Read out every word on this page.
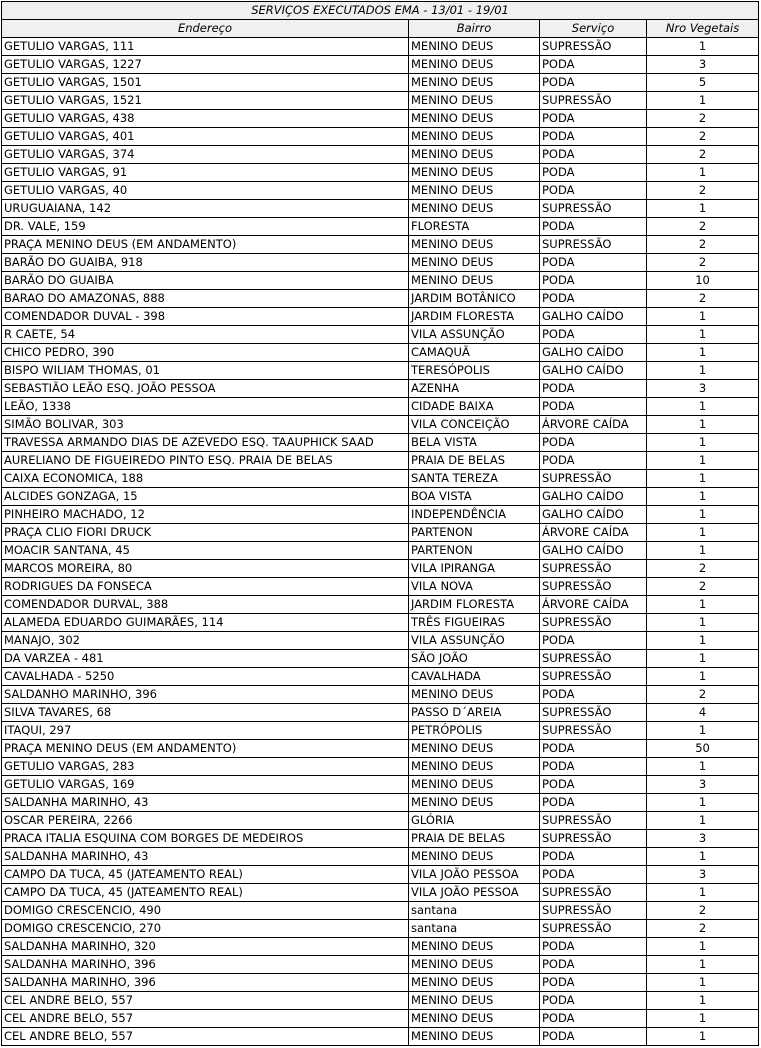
SERVIÇOS EXECUTADOS EMA - 13/01 - 19/01			
Endereço	Bairro	Serviço	Nro Vegetais
GETULIO VARGAS, 111	MENINO DEUS	SUPRESSÃO	1
GETULIO VARGAS, 1227	MENINO DEUS	PODA	3
GETULIO VARGAS, 1501	MENINO DEUS	PODA	5
GETULIO VARGAS, 1521	MENINO DEUS	SUPRESSÃO	1
GETULIO VARGAS, 438	MENINO DEUS	PODA	2
GETULIO VARGAS, 401	MENINO DEUS	PODA	2
GETULIO VARGAS, 374	MENINO DEUS	PODA	2
GETULIO VARGAS, 91	MENINO DEUS	PODA	1
GETULIO VARGAS, 40	MENINO DEUS	PODA	2
URUGUAIANA, 142	MENINO DEUS	SUPRESSÃO	1
DR. VALE, 159	FLORESTA	PODA	2
PRAÇA MENINO DEUS (EM ANDAMENTO)	MENINO DEUS	SUPRESSÃO	2
BARÃO DO GUAIBA, 918	MENINO DEUS	PODA	2
BARÃO DO GUAIBA	MENINO DEUS	PODA	10
BARAO DO AMAZONAS, 888	JARDIM BOTÂNICO	PODA	2
COMENDADOR DUVAL - 398	JARDIM FLORESTA	GALHO CAÍDO	1
R CAETE, 54	VILA ASSUNÇÃO	PODA	1
CHICO PEDRO, 390	CAMAQUÃ	GALHO CAÍDO	1
BISPO WILIAM THOMAS, 01	TERESÓPOLIS	GALHO CAÍDO	1
SEBASTIÃO LEÃO ESQ. JOÃO PESSOA	AZENHA	PODA	3
LEÃO, 1338	CIDADE BAIXA	PODA	1
SIMÃO BOLIVAR, 303	VILA CONCEIÇÃO	ÁRVORE CAÍDA	1
TRAVESSA ARMANDO DIAS DE AZEVEDO ESQ. TAAUPHICK SAAD	BELA VISTA	PODA	1
AURELIANO DE FIGUEIREDO PINTO ESQ. PRAIA DE BELAS	PRAIA DE BELAS	PODA	1
CAIXA ECONOMICA, 188	SANTA TEREZA	SUPRESSÃO	1
ALCIDES GONZAGA, 15	BOA VISTA	GALHO CAÍDO	1
PINHEIRO MACHADO, 12	INDEPENDÊNCIA	GALHO CAÍDO	1
PRAÇA CLIO FIORI DRUCK	PARTENON	ÁRVORE CAÍDA	1
MOACIR SANTANA, 45	PARTENON	GALHO CAÍDO	1
MARCOS MOREIRA, 80	VILA IPIRANGA	SUPRESSÃO	2
RODRIGUES DA FONSECA	VILA NOVA	SUPRESSÃO	2
COMENDADOR DURVAL, 388	JARDIM FLORESTA	ÁRVORE CAÍDA	1
ALAMEDA EDUARDO GUIMARÃES, 114	TRÊS FIGUEIRAS	SUPRESSÃO	1
MANAJO, 302	VILA ASSUNÇÃO	PODA	1
DA VARZEA - 481	SÃO JOÃO	SUPRESSÃO	1
CAVALHADA - 5250	CAVALHADA	SUPRESSÃO	1
SALDANHO MARINHO, 396	MENINO DEUS	PODA	2
SILVA TAVARES, 68	PASSO D´AREIA	SUPRESSÃO	4
ITAQUI, 297	PETRÓPOLIS	SUPRESSÃO	1
PRAÇA MENINO DEUS (EM ANDAMENTO)	MENINO DEUS	PODA	50
GETULIO VARGAS, 283	MENINO DEUS	PODA	1
GETULIO VARGAS, 169	MENINO DEUS	PODA	3
SALDANHA MARINHO, 43	MENINO DEUS	PODA	1
OSCAR PEREIRA, 2266	GLÓRIA	SUPRESSÃO	1
PRACA ITALIA ESQUINA COM BORGES DE MEDEIROS	PRAIA DE BELAS	SUPRESSÃO	3
SALDANHA MARINHO, 43	MENINO DEUS	PODA	1
CAMPO DA TUCA, 45 (JATEAMENTO REAL)	VILA JOÃO PESSOA	PODA	3
CAMPO DA TUCA, 45 (JATEAMENTO REAL)	VILA JOÃO PESSOA	SUPRESSÃO	1
DOMIGO CRESCENCIO, 490	santana	SUPRESSÃO	2
DOMIGO CRESCENCIO, 270	santana	SUPRESSÃO	2
SALDANHA MARINHO, 320	MENINO DEUS	PODA	1
SALDANHA MARINHO, 396	MENINO DEUS	PODA	1
SALDANHA MARINHO, 396	MENINO DEUS	PODA	1
CEL ANDRE BELO, 557	MENINO DEUS	PODA	1
CEL ANDRE BELO, 557	MENINO DEUS	PODA	1
CEL ANDRE BELO, 557	MENINO DEUS	PODA	1
